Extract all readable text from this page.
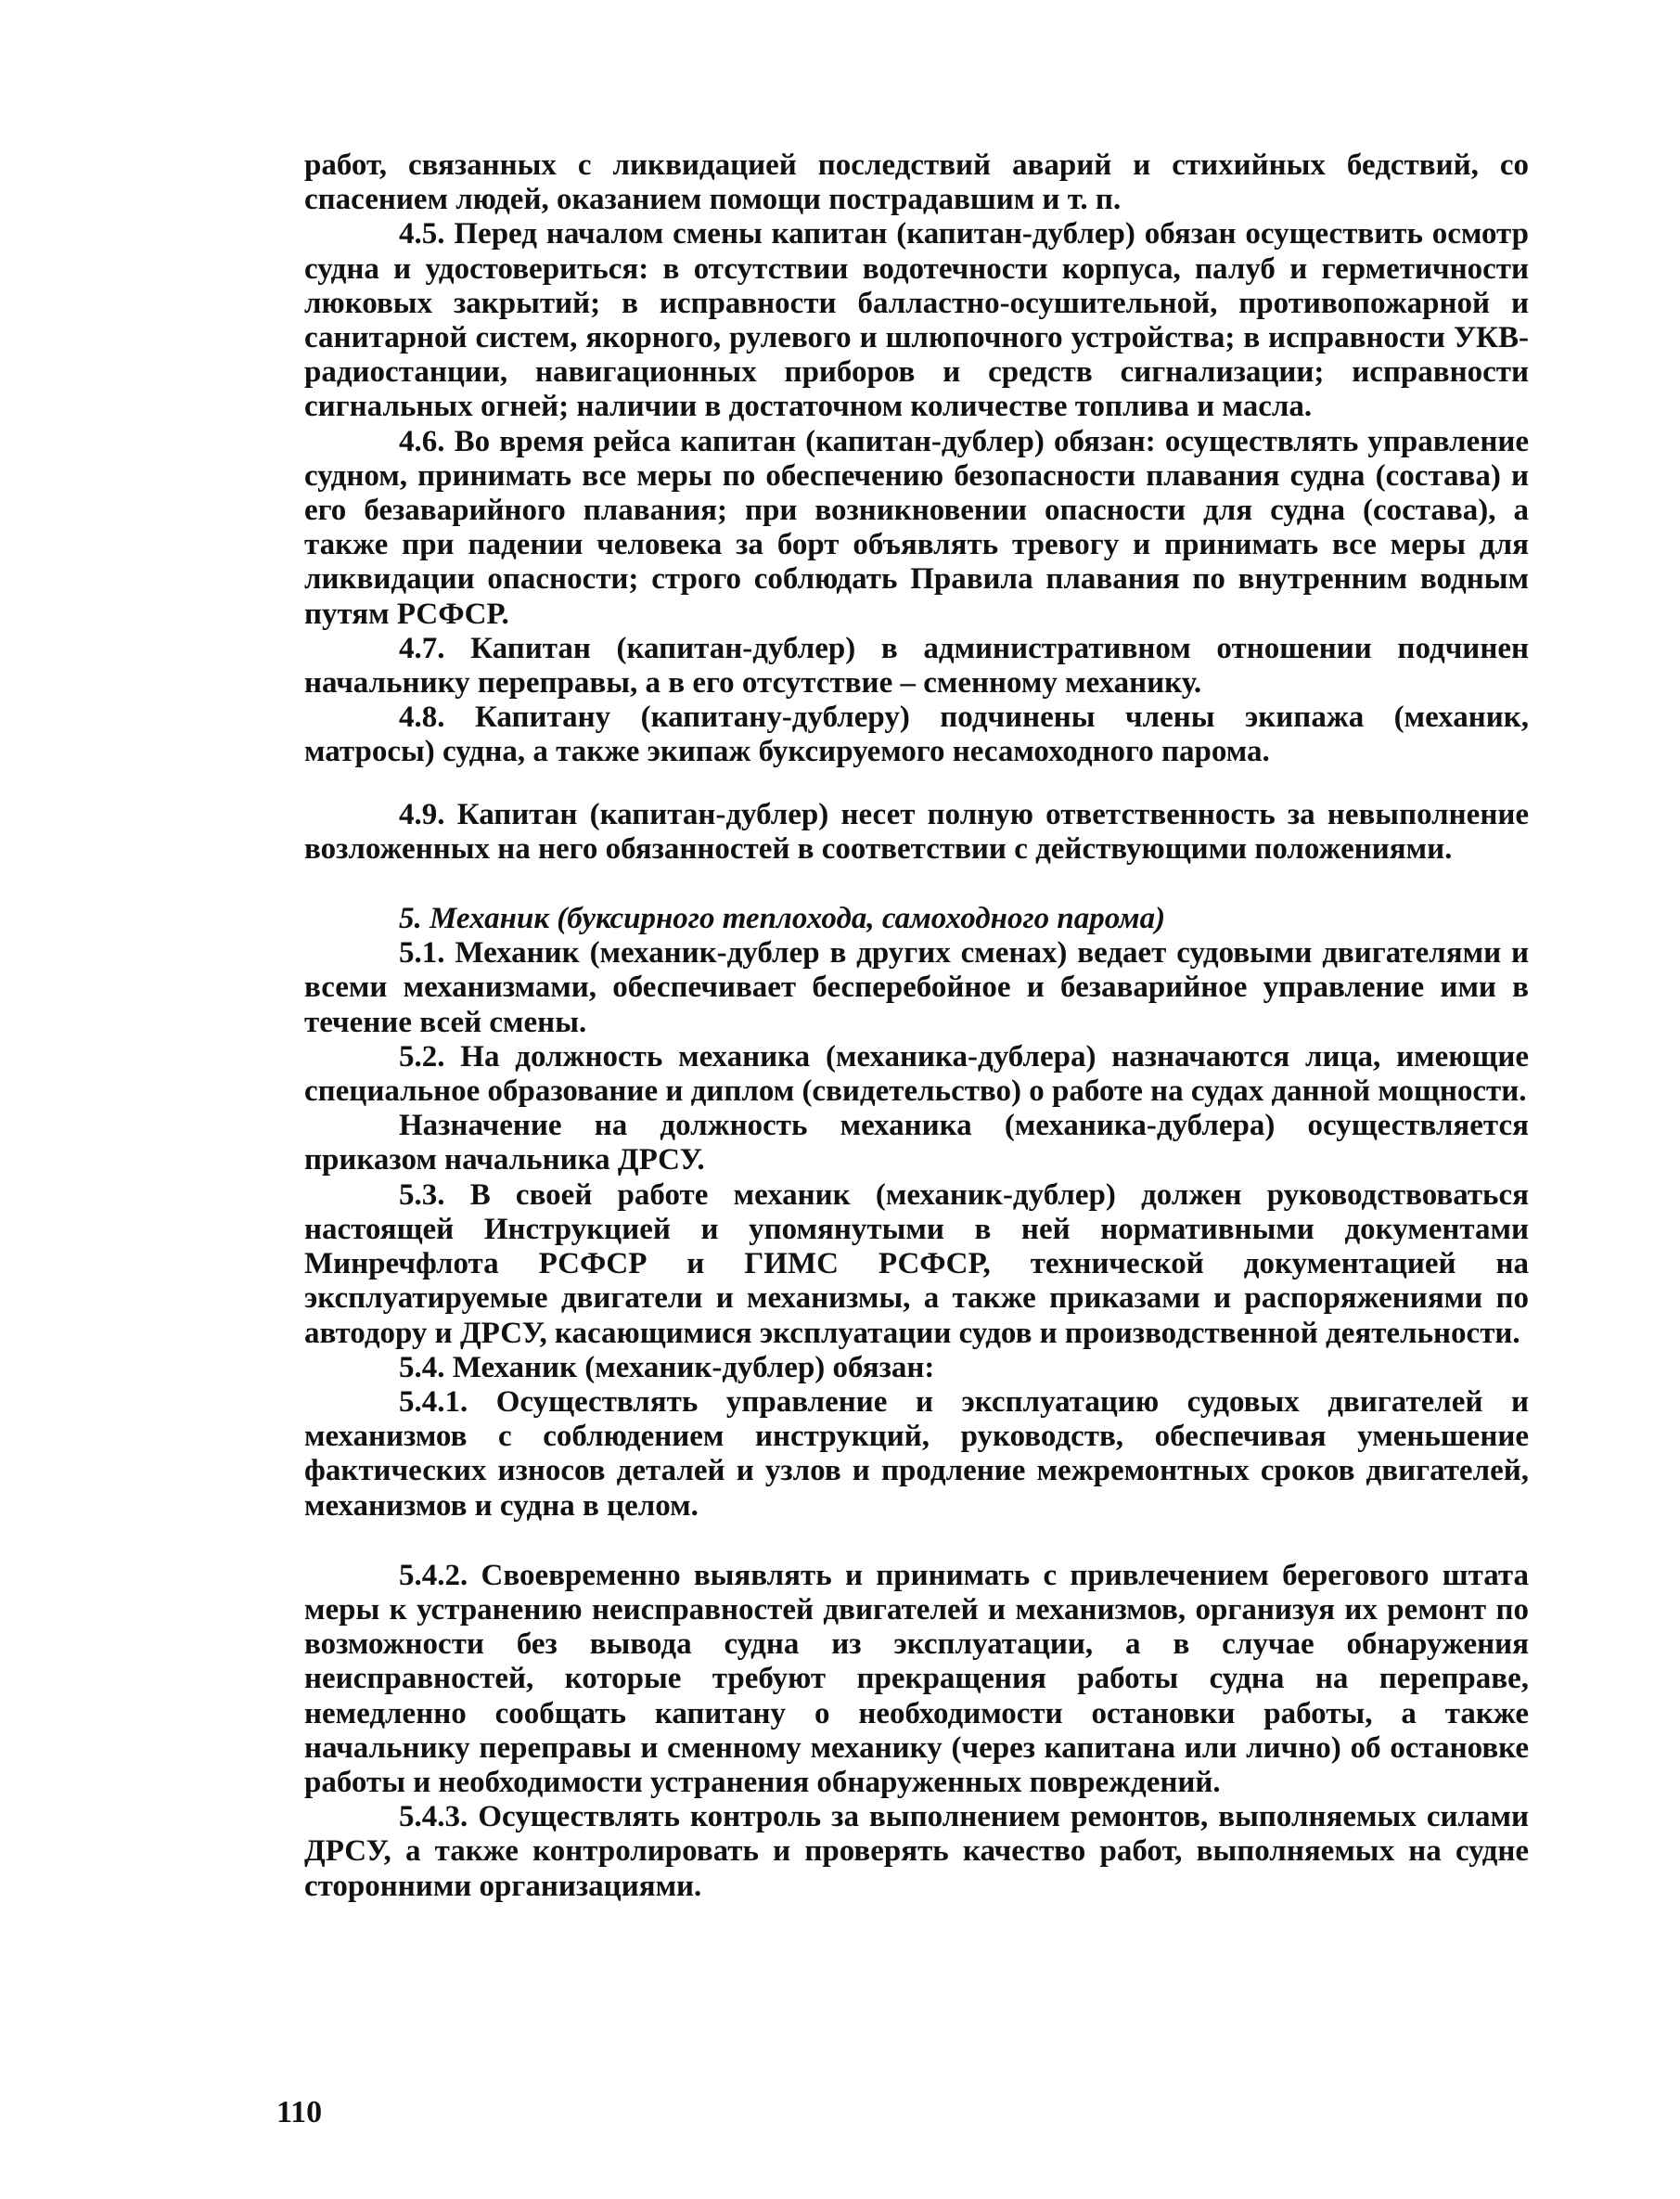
работ, связанных с ликвидацией последствий аварий и стихийных бедствий, со спасением людей, оказанием помощи пострадавшим и т. п.

4.5. Перед началом смены капитан (капитан-дублер) обязан осуществить осмотр судна и удостовериться: в отсутствии водотечности корпуса, палуб и герметичности люковых закрытий; в исправности балластно-осушительной, противопожарной и санитарной систем, якорного, рулевого и шлюпочного устройства; в исправности УКВ-радиостанции, навигационных приборов и средств сигнализации; исправности сигнальных огней; наличии в достаточном количестве топлива и масла.

4.6. Во время рейса капитан (капитан-дублер) обязан: осуществлять управление судном, принимать все меры по обеспечению безопасности плавания судна (состава) и его безаварийного плавания; при возникновении опасности для судна (состава), а также при падении человека за борт объявлять тревогу и принимать все меры для ликвидации опасности; строго соблюдать Правила плавания по внутренним водным путям РСФСР.

4.7. Капитан (капитан-дублер) в административном отношении подчинен начальнику переправы, а в его отсутствие – сменному механику.

4.8. Капитану (капитану-дублеру) подчинены члены экипажа (механик, матросы) судна, а также экипаж буксируемого несамоходного парома.

4.9. Капитан (капитан-дублер) несет полную ответственность за невыполнение возложенных на него обязанностей в соответствии с действующими положениями.

5. Механик (буксирного теплохода, самоходного парома)

5.1. Механик (механик-дублер в других сменах) ведает судовыми двигателями и всеми механизмами, обеспечивает бесперебойное и безаварийное управление ими в течение всей смены.

5.2. На должность механика (механика-дублера) назначаются лица, имеющие специальное образование и диплом (свидетельство) о работе на судах данной мощности.

Назначение на должность механика (механика-дублера) осуществляется приказом начальника ДРСУ.

5.3. В своей работе механик (механик-дублер) должен руководствоваться настоящей Инструкцией и упомянутыми в ней нормативными документами Минречфлота РСФСР и ГИМС РСФСР, технической документацией на эксплуатируемые двигатели и механизмы, а также приказами и распоряжениями по автодору и ДРСУ, касающимися эксплуатации судов и производственной деятельности.

5.4. Механик (механик-дублер) обязан:

5.4.1. Осуществлять управление и эксплуатацию судовых двигателей и механизмов с соблюдением инструкций, руководств, обеспечивая уменьшение фактических износов деталей и узлов и продление межремонтных сроков двигателей, механизмов и судна в целом.

5.4.2. Своевременно выявлять и принимать с привлечением берегового штата меры к устранению неисправностей двигателей и механизмов, организуя их ремонт по возможности без вывода судна из эксплуатации, а в случае обнаружения неисправностей, которые требуют прекращения работы судна на переправе, немедленно сообщать капитану о необходимости остановки работы, а также начальнику переправы и сменному механику (через капитана или лично) об остановке работы и необходимости устранения обнаруженных повреждений.

5.4.3. Осуществлять контроль за выполнением ремонтов, выполняемых силами ДРСУ, а также контролировать и проверять качество работ, выполняемых на судне сторонними организациями.

110
